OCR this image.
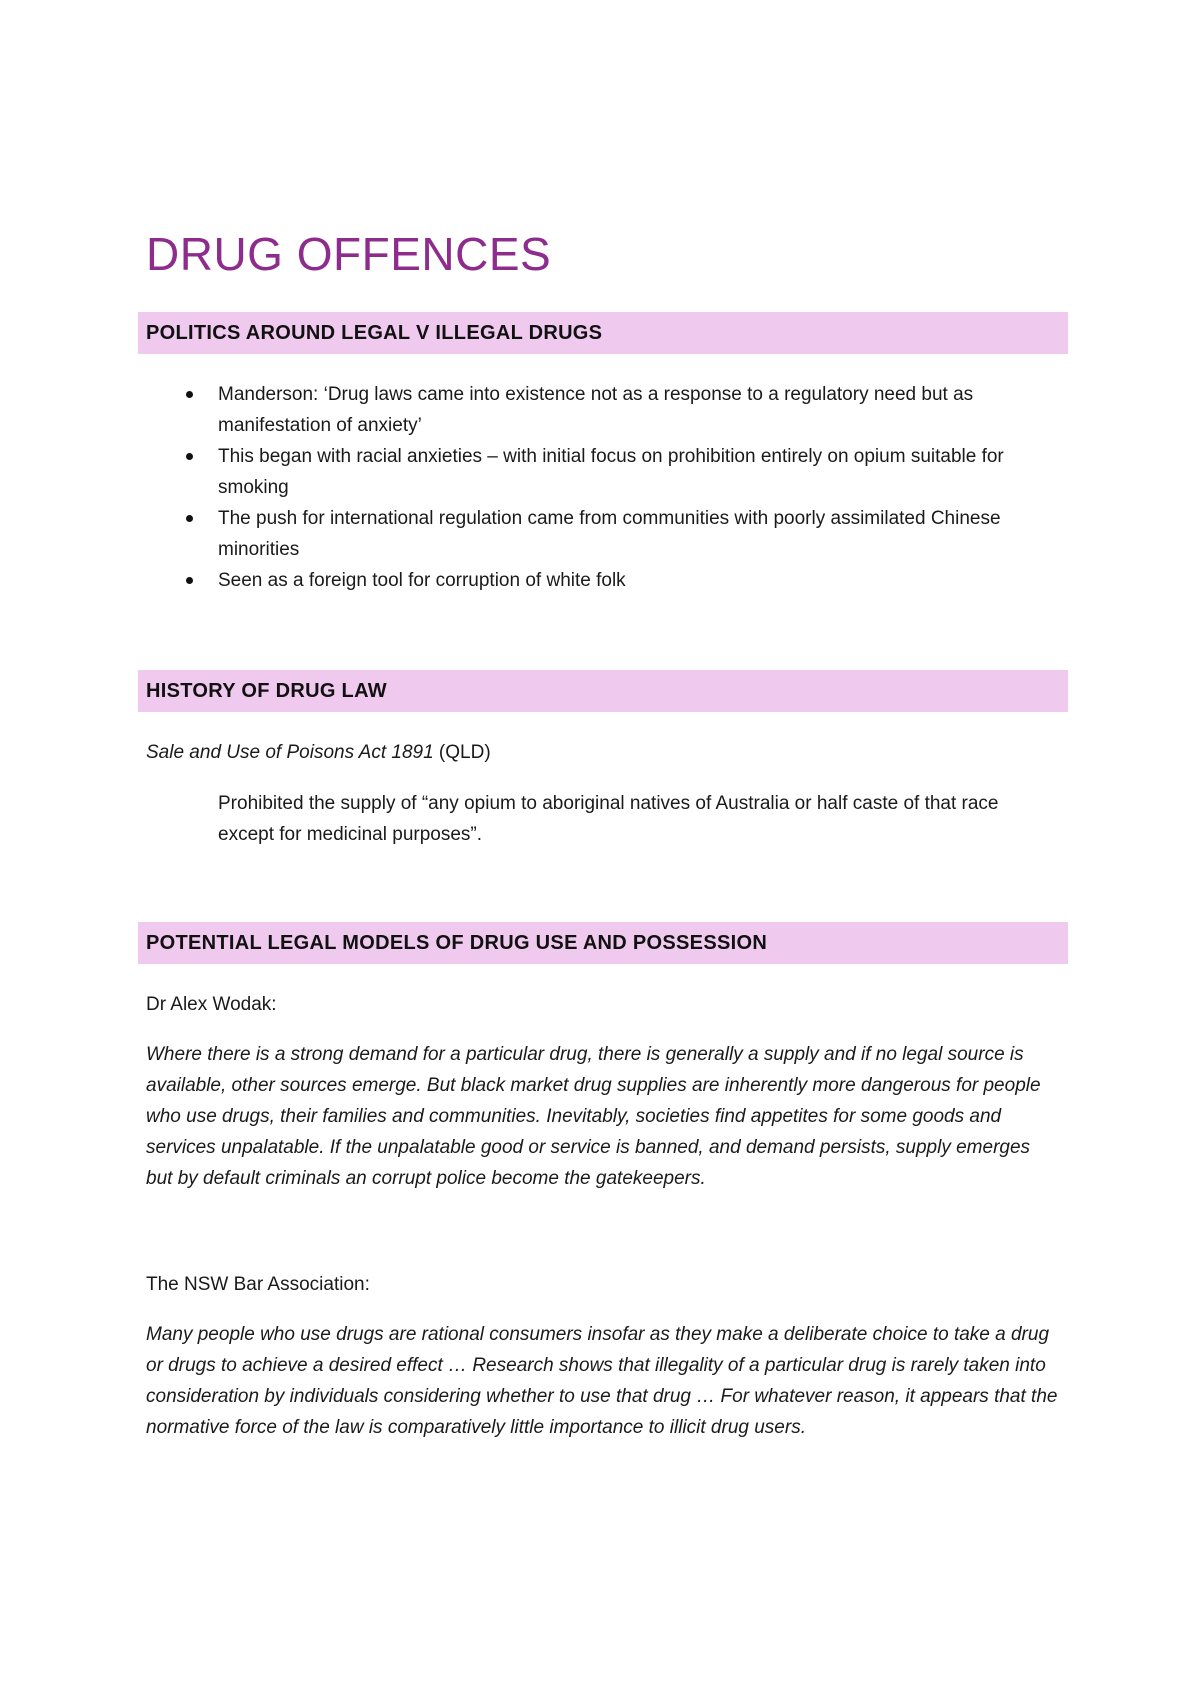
DRUG OFFENCES
POLITICS AROUND LEGAL V ILLEGAL DRUGS
Manderson: ‘Drug laws came into existence not as a response to a regulatory need but as manifestation of anxiety’
This began with racial anxieties – with initial focus on prohibition entirely on opium suitable for smoking
The push for international regulation came from communities with poorly assimilated Chinese minorities
Seen as a foreign tool for corruption of white folk
HISTORY OF DRUG LAW

Sale and Use of Poisons Act 1891 (QLD)

Prohibited the supply of “any opium to aboriginal natives of Australia or half caste of that race except for medicinal purposes”.

POTENTIAL LEGAL MODELS OF DRUG USE AND POSSESSION

Dr Alex Wodak:

Where there is a strong demand for a particular drug, there is generally a supply and if no legal source is available, other sources emerge. But black market drug supplies are inherently more dangerous for people who use drugs, their families and communities. Inevitably, societies find appetites for some goods and services unpalatable. If the unpalatable good or service is banned, and demand persists, supply emerges but by default criminals an corrupt police become the gatekeepers.

The NSW Bar Association:

Many people who use drugs are rational consumers insofar as they make a deliberate choice to take a drug or drugs to achieve a desired effect … Research shows that illegality of a particular drug is rarely taken into consideration by individuals considering whether to use that drug … For whatever reason, it appears that the normative force of the law is comparatively little importance to illicit drug users.
